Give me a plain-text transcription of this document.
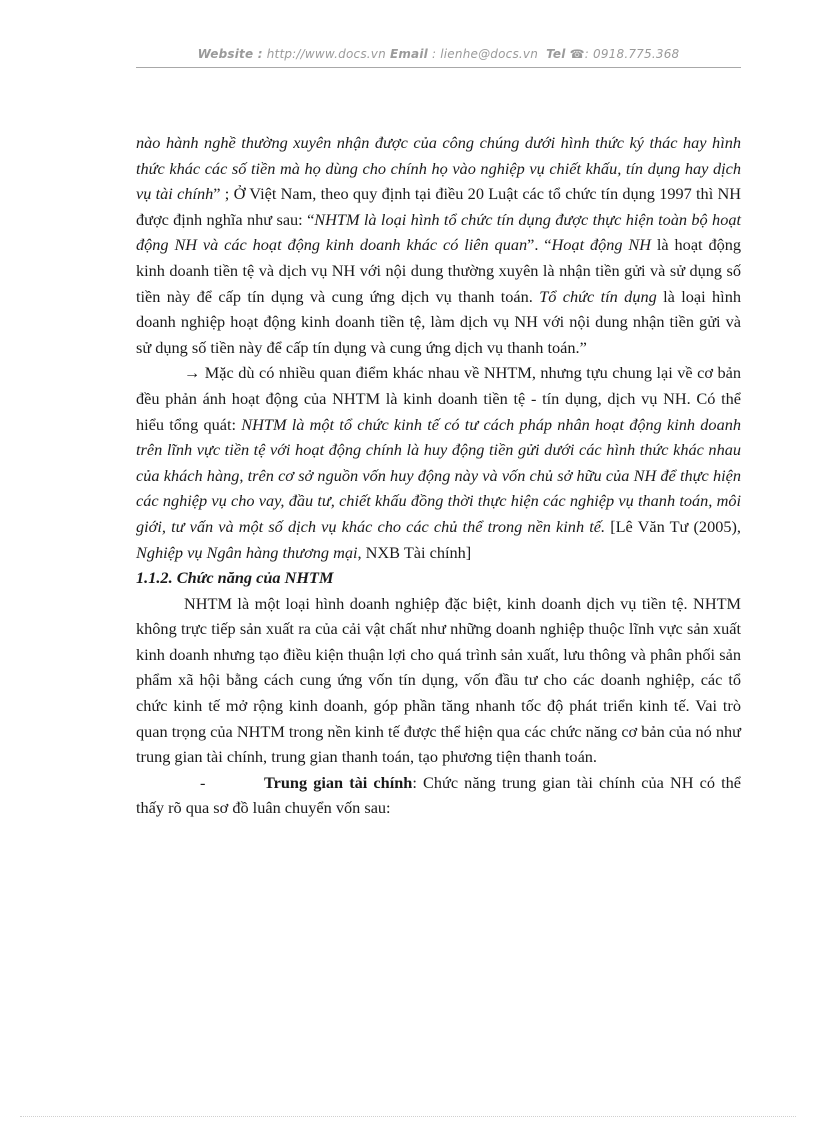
Website : http://www.docs.vn Email : lienhe@docs.vn Tel ☎: 0918.775.368

nào hành nghề thường xuyên nhận được của công chúng dưới hình thức ký thác hay hình thức khác các số tiền mà họ dùng cho chính họ vào nghiệp vụ chiết khấu, tín dụng hay dịch vụ tài chính” ; Ở Việt Nam, theo quy định tại điều 20 Luật các tổ chức tín dụng 1997 thì NH được định nghĩa như sau: “NHTM là loại hình tổ chức tín dụng được thực hiện toàn bộ hoạt động NH và các hoạt động kinh doanh khác có liên quan”. “Hoạt động NH là hoạt động kinh doanh tiền tệ và dịch vụ NH với nội dung thường xuyên là nhận tiền gửi và sử dụng số tiền này để cấp tín dụng và cung ứng dịch vụ thanh toán. Tổ chức tín dụng là loại hình doanh nghiệp hoạt động kinh doanh tiền tệ, làm dịch vụ NH với nội dung nhận tiền gửi và sử dụng số tiền này để cấp tín dụng và cung ứng dịch vụ thanh toán.”

→ Mặc dù có nhiều quan điểm khác nhau về NHTM, nhưng tựu chung lại về cơ bản đều phản ánh hoạt động của NHTM là kinh doanh tiền tệ - tín dụng, dịch vụ NH. Có thể hiểu tổng quát: NHTM là một tổ chức kinh tế có tư cách pháp nhân hoạt động kinh doanh trên lĩnh vực tiền tệ với hoạt động chính là huy động tiền gửi dưới các hình thức khác nhau của khách hàng, trên cơ sở nguồn vốn huy động này và vốn chủ sở hữu của NH để thực hiện các nghiệp vụ cho vay, đầu tư, chiết khấu đồng thời thực hiện các nghiệp vụ thanh toán, môi giới, tư vấn và một số dịch vụ khác cho các chủ thể trong nền kinh tế. [Lê Văn Tư (2005), Nghiệp vụ Ngân hàng thương mại, NXB Tài chính]

1.1.2. Chức năng của NHTM

NHTM là một loại hình doanh nghiệp đặc biệt, kinh doanh dịch vụ tiền tệ. NHTM không trực tiếp sản xuất ra của cải vật chất như những doanh nghiệp thuộc lĩnh vực sản xuất kinh doanh nhưng tạo điều kiện thuận lợi cho quá trình sản xuất, lưu thông và phân phối sản phẩm xã hội bằng cách cung ứng vốn tín dụng, vốn đầu tư cho các doanh nghiệp, các tổ chức kinh tế mở rộng kinh doanh, góp phần tăng nhanh tốc độ phát triển kinh tế. Vai trò quan trọng của NHTM trong nền kinh tế được thể hiện qua các chức năng cơ bản của nó như trung gian tài chính, trung gian thanh toán, tạo phương tiện thanh toán.

-	Trung gian tài chính: Chức năng trung gian tài chính của NH có thể thấy rõ qua sơ đồ luân chuyển vốn sau:
